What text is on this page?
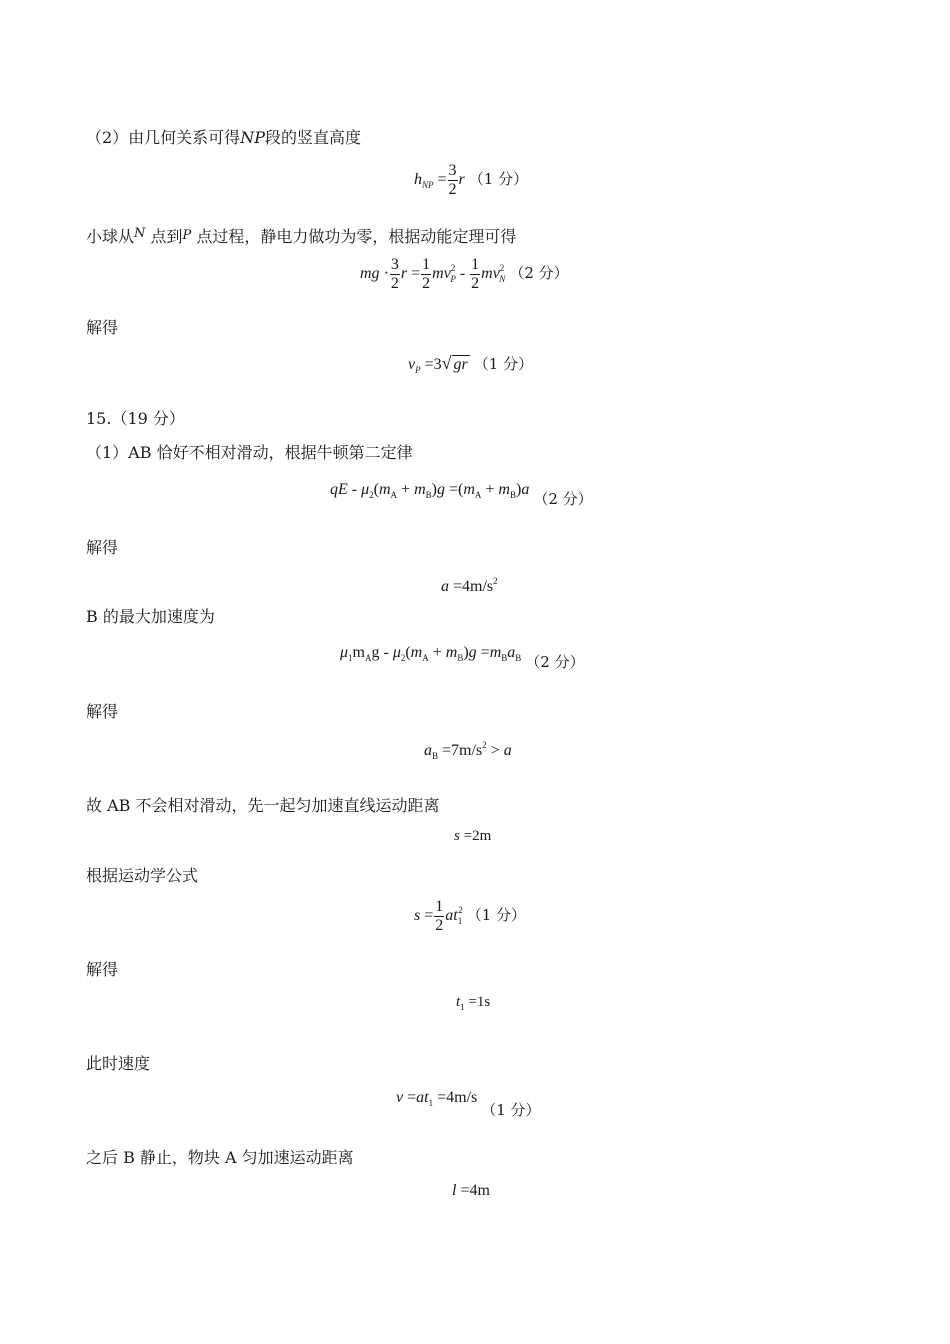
（2）由几何关系可得NP段的竖直高度
$h_{NP} = \frac{3}{2}$ r （1 分）
小球从$^N$ 点到P 点过程，静电力做功为零，根据动能定理可得
mg · $\frac{3}{2}$ $r = \frac{1}{2} mv^2_P - \frac{1}{2} mv^2_N$ （2 分）
解得
$v_P =3√$ gr （1 分）
15.（19 分）
（1）AB 恰好不相对滑动，根据牛顿第二定律
qE - $\mu_2(m_A + m_B)g =(m_A + m_B)a$ （2 分）
解得
$a =4m/s^2$
B 的最大加速度为
$\mu_1m_Ag - \mu_2(m_A + m_B)g =m_Ba_B$ （2 分）
解得
$a_B =7m/s^2 > a$
故 AB 不会相对滑动，先一起匀加速直线运动距离
s =2m
根据运动学公式
$s = \frac{1}{2} at_1^2$ （1 分）
解得
$t_1 =1s$
此时速度
$v =at_1 =4m/s$ （1 分）
之后 B 静止，物块 A 匀加速运动距离
l =4m
